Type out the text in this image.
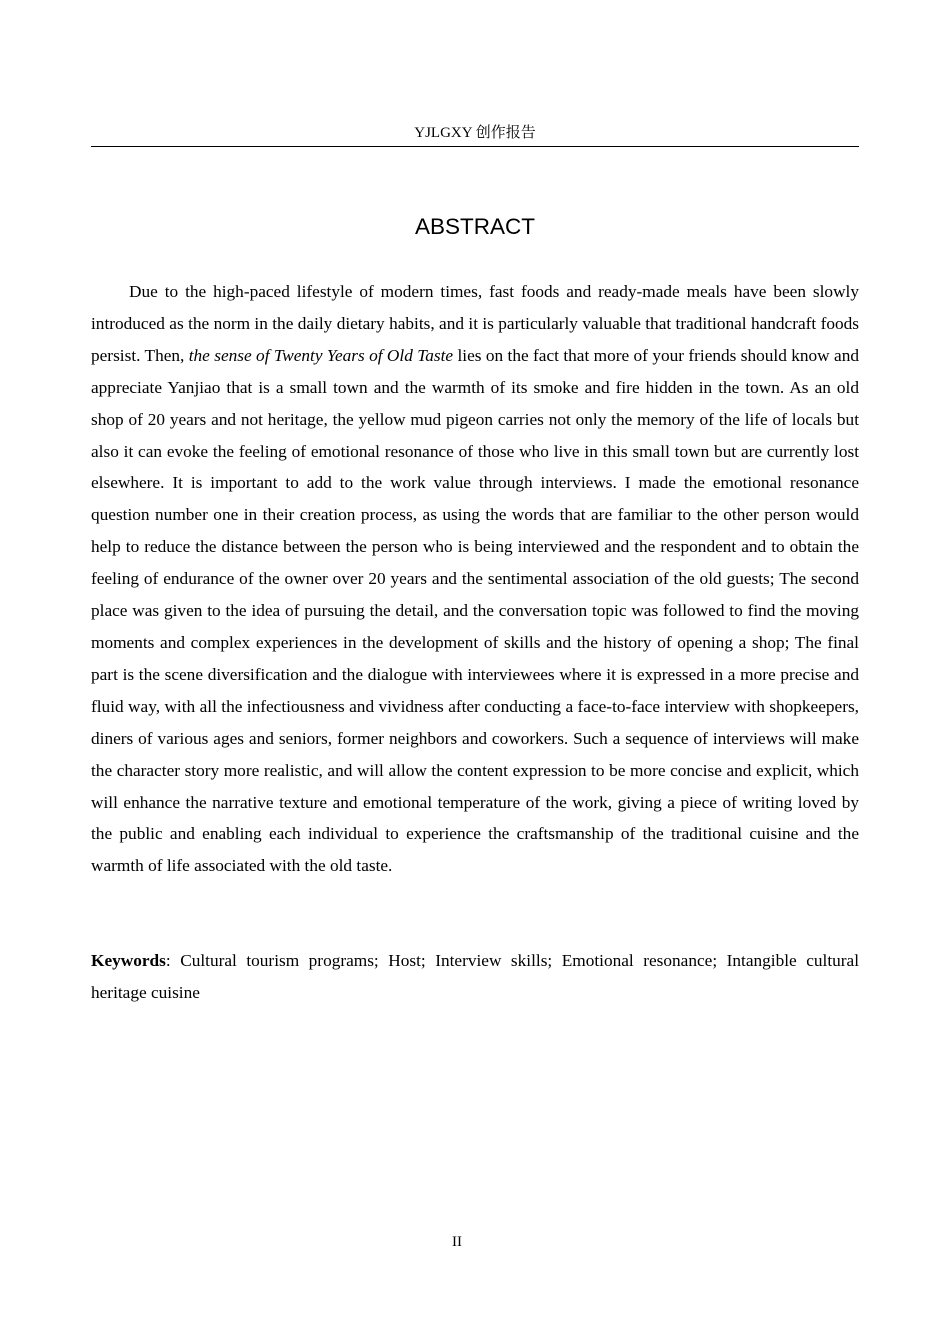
YJLGXY 创作报告
ABSTRACT

Due to the high-paced lifestyle of modern times, fast foods and ready-made meals have been slowly introduced as the norm in the daily dietary habits, and it is particularly valuable that traditional handcraft foods persist. Then, the sense of Twenty Years of Old Taste lies on the fact that more of your friends should know and appreciate Yanjiao that is a small town and the warmth of its smoke and fire hidden in the town. As an old shop of 20 years and not heritage, the yellow mud pigeon carries not only the memory of the life of locals but also it can evoke the feeling of emotional resonance of those who live in this small town but are currently lost elsewhere. It is important to add to the work value through interviews. I made the emotional resonance question number one in their creation process, as using the words that are familiar to the other person would help to reduce the distance between the person who is being interviewed and the respondent and to obtain the feeling of endurance of the owner over 20 years and the sentimental association of the old guests; The second place was given to the idea of pursuing the detail, and the conversation topic was followed to find the moving moments and complex experiences in the development of skills and the history of opening a shop; The final part is the scene diversification and the dialogue with interviewees where it is expressed in a more precise and fluid way, with all the infectiousness and vividness after conducting a face-to-face interview with shopkeepers, diners of various ages and seniors, former neighbors and coworkers. Such a sequence of interviews will make the character story more realistic, and will allow the content expression to be more concise and explicit, which will enhance the narrative texture and emotional temperature of the work, giving a piece of writing loved by the public and enabling each individual to experience the craftsmanship of the traditional cuisine and the warmth of life associated with the old taste.

Keywords: Cultural tourism programs; Host; Interview skills; Emotional resonance; Intangible cultural heritage cuisine

II
